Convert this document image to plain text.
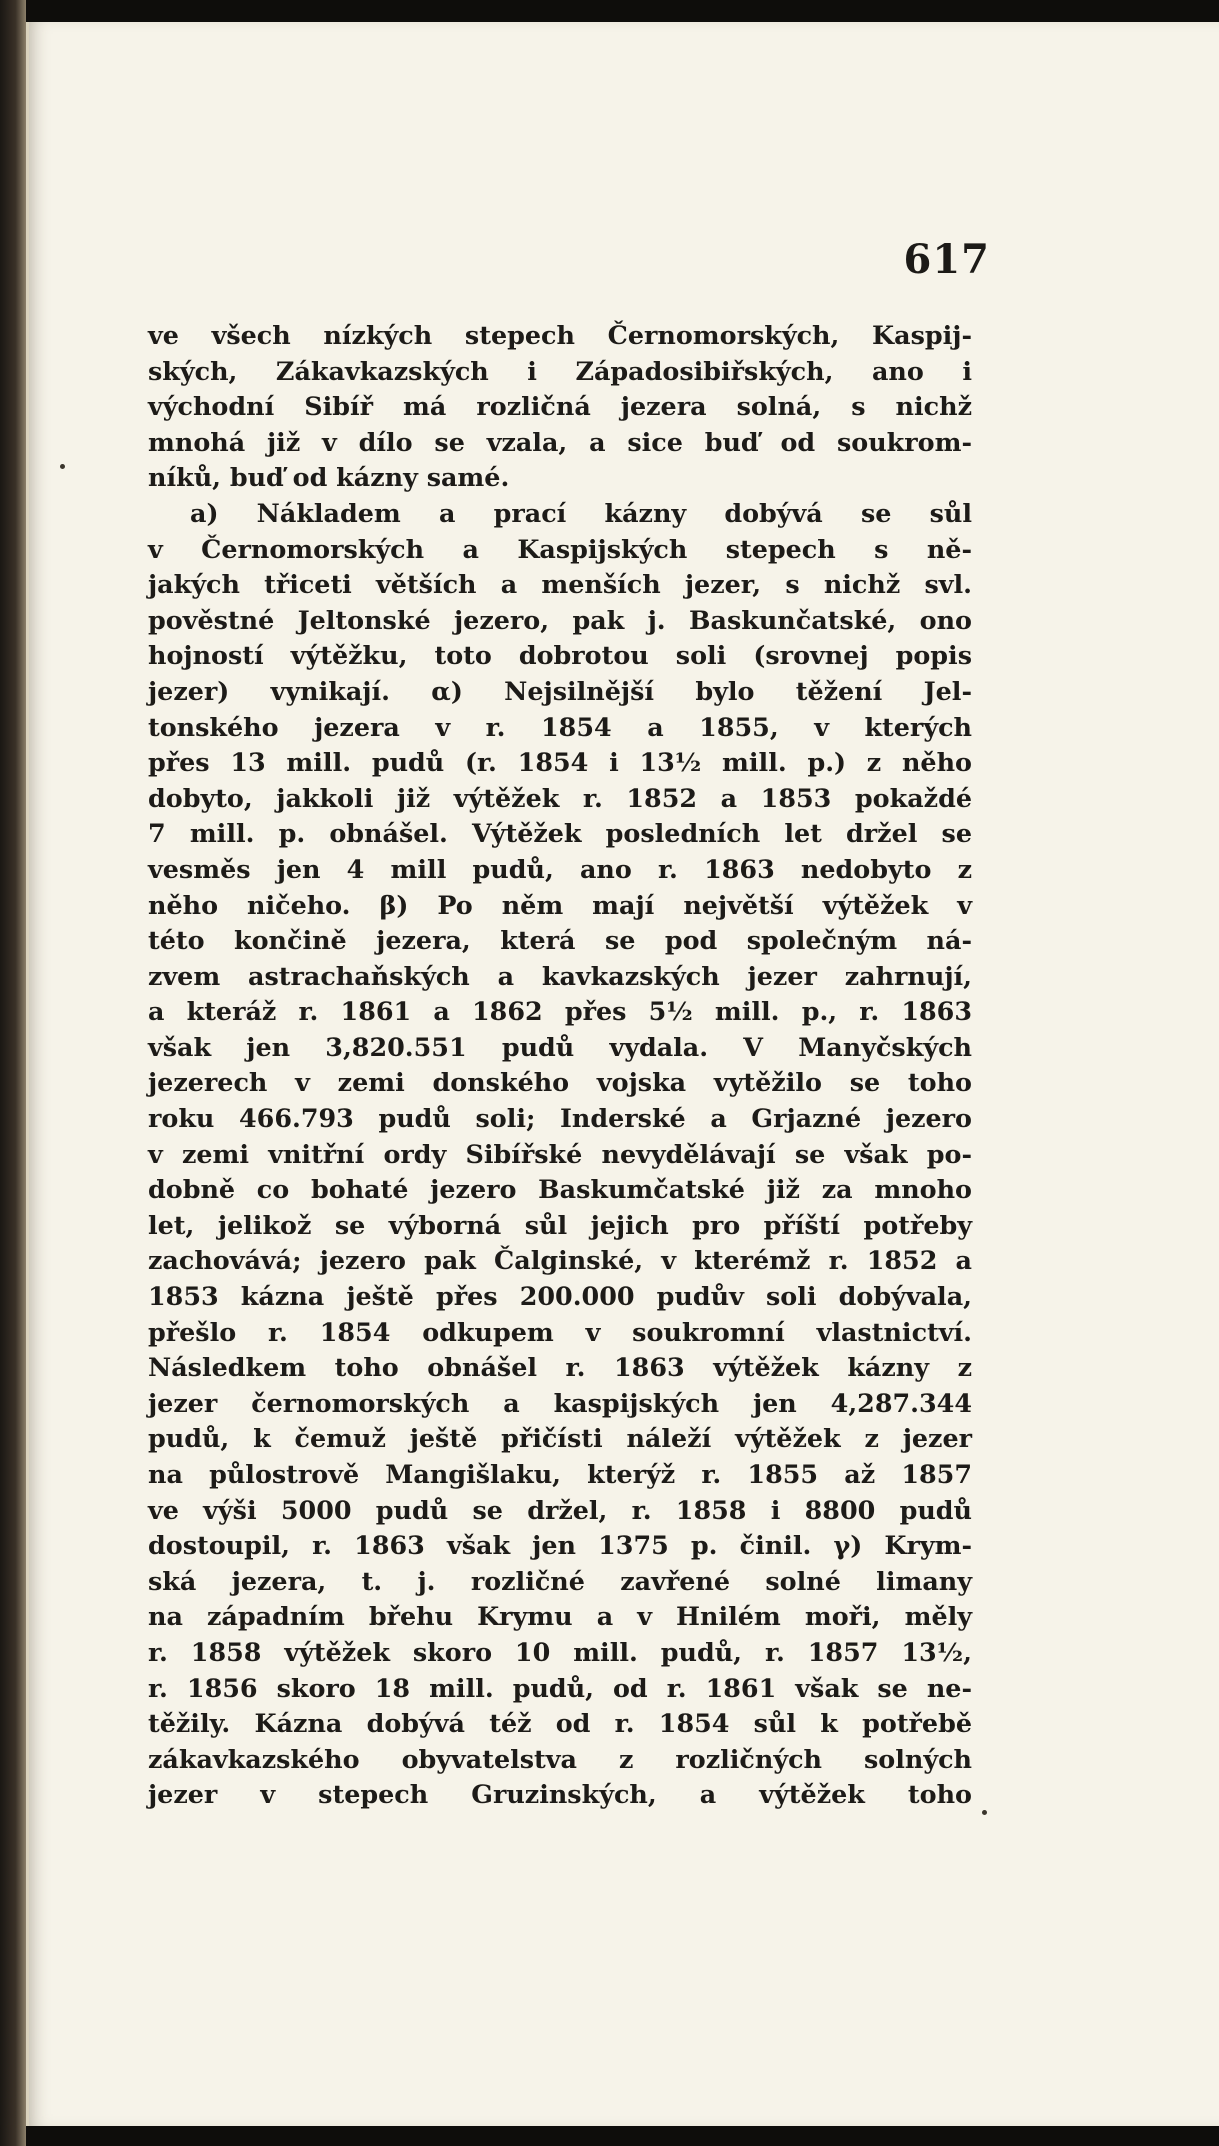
617
ve všech nízkých stepech Černomorských, Kaspij-
ských, Zákavkazských i Západosibiřských, ano i
východní Sibíř má rozličná jezera solná, s nichž
mnohá již v dílo se vzala, a sice buď od soukrom-
níků, buď od kázny samé.
a) Nákladem a prací kázny dobývá se sůl
v Černomorských a Kaspijských stepech s ně-
jakých třiceti větších a menších jezer, s nichž svl.
pověstné Jeltonské jezero, pak j. Baskunčatské, ono
hojností výtěžku, toto dobrotou soli (srovnej popis
jezer) vynikají. α) Nejsilnější bylo těžení Jel-
tonského jezera v r. 1854 a 1855, v kterých
přes 13 mill. pudů (r. 1854 i 13½ mill. p.) z něho
dobyto, jakkoli již výtěžek r. 1852 a 1853 pokaždé
7 mill. p. obnášel. Výtěžek posledních let držel se
vesměs jen 4 mill pudů, ano r. 1863 nedobyto z
něho ničeho. β) Po něm mají největší výtěžek v
této končině jezera, která se pod společným ná-
zvem astrachaňských a kavkazských jezer zahrnují,
a kteráž r. 1861 a 1862 přes 5½ mill. p., r. 1863
však jen 3,820.551 pudů vydala. V Manyčských
jezerech v zemi donského vojska vytěžilo se toho
roku 466.793 pudů soli; Inderské a Grjazné jezero
v zemi vnitřní ordy Sibířské nevydělávají se však po-
dobně co bohaté jezero Baskumčatské již za mnoho
let, jelikož se výborná sůl jejich pro příští potřeby
zachovává; jezero pak Čalginské, v kterémž r. 1852 a
1853 kázna ještě přes 200.000 pudův soli dobývala,
přešlo r. 1854 odkupem v soukromní vlastnictví.
Následkem toho obnášel r. 1863 výtěžek kázny z
jezer černomorských a kaspijských jen 4,287.344
pudů, k čemuž ještě přičísti náleží výtěžek z jezer
na půlostrově Mangišlaku, kterýž r. 1855 až 1857
ve výši 5000 pudů se držel, r. 1858 i 8800 pudů
dostoupil, r. 1863 však jen 1375 p. činil. γ) Krym-
ská jezera, t. j. rozličné zavřené solné limany
na západním břehu Krymu a v Hnilém moři, měly
r. 1858 výtěžek skoro 10 mill. pudů, r. 1857 13½,
r. 1856 skoro 18 mill. pudů, od r. 1861 však se ne-
těžily. Kázna dobývá též od r. 1854 sůl k potřebě
zákavkazského obyvatelstva z rozličných solných
jezer v stepech Gruzinských, a výtěžek toho
